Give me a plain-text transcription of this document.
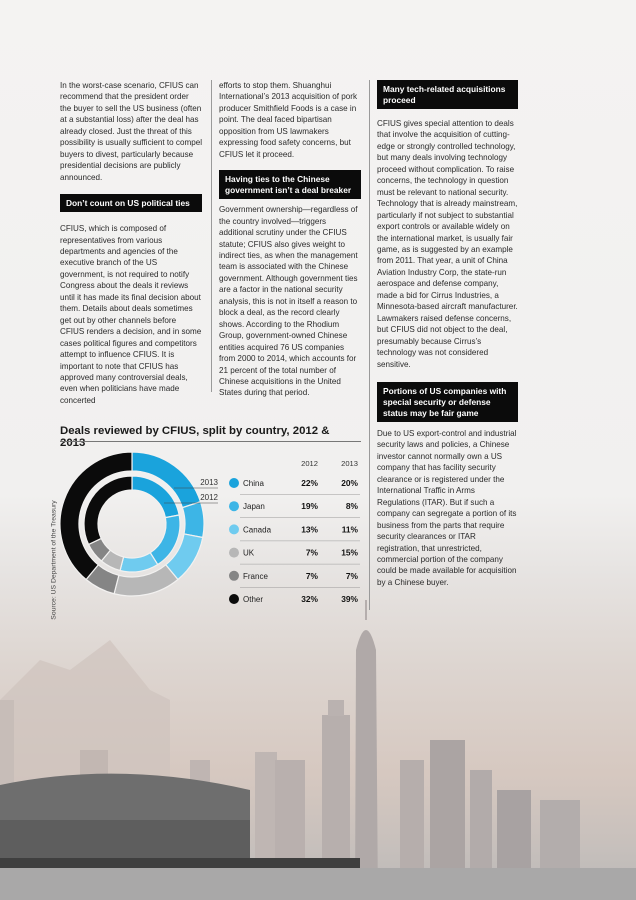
In the worst-case scenario, CFIUS can recommend that the president order the buyer to sell the US business (often at a substantial loss) after the deal has already closed. Just the threat of this possibility is usually sufficient to compel buyers to divest, particularly because presidential decisions are publicly announced.

Don’t count on US political ties

CFIUS, which is composed of representatives from various departments and agencies of the executive branch of the US government, is not required to notify Congress about the deals it reviews until it has made its final decision about them. Details about deals sometimes get out by other channels before CFIUS renders a decision, and in some cases political figures and competitors attempt to influence CFIUS. It is important to note that CFIUS has approved many controversial deals, even when politicians have made concerted

efforts to stop them. Shuanghui International’s 2013 acquisition of pork producer Smithfield Foods is a case in point. The deal faced bipartisan opposition from US lawmakers expressing food safety concerns, but CFIUS let it proceed.

Having ties to the Chinese government isn’t a deal breaker

Government ownership—regardless of the country involved—triggers additional scrutiny under the CFIUS statute; CFIUS also gives weight to indirect ties, as when the management team is associated with the Chinese government. Although government ties are a factor in the national security analysis, this is not in itself a reason to block a deal, as the record clearly shows. According to the Rhodium Group, government-owned Chinese entities acquired 76 US companies from 2000 to 2014, which accounts for 21 percent of the total number of Chinese acquisitions in the United States during that period.

Many tech-related acquisitions proceed

CFIUS gives special attention to deals that involve the acquisition of cutting-edge or strongly controlled technology, but many deals involving technology proceed without complication. To raise concerns, the technology in question must be relevant to national security. Technology that is already mainstream, particularly if not subject to substantial export controls or available widely on the international market, is usually fair game, as is suggested by an example from 2011. That year, a unit of China Aviation Industry Corp, the state-run aerospace and defense company, made a bid for Cirrus Industries, a Minnesota-based aircraft manufacturer. Lawmakers raised defense concerns, but CFIUS did not object to the deal, presumably because Cirrus’s technology was not considered sensitive.

Portions of US companies with special security or defense status may be fair game

Due to US export-control and industrial security laws and policies, a Chinese investor cannot normally own a US company that has facility security clearance or is registered under the International Traffic in Arms Regulations (ITAR). But if such a company can segregate a portion of its business from the parts that require security clearances or ITAR registration, that unrestricted, commercial portion of the company could be made available for acquisition by a Chinese buyer.

Deals reviewed by CFIUS, split by country, 2012 & 2013

Source: US Department of the Treasury
2013
2012
2012	2013
China	22%	20%
Japan	19%	8%
Canada	13%	11%
UK	7%	15%
France	7%	7%
Other	32%	39%
